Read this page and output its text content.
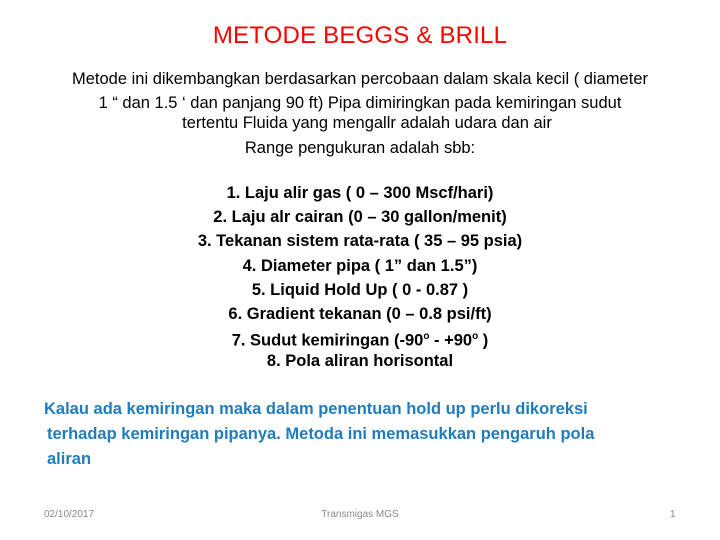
METODE BEGGS & BRILL
Metode ini dikembangkan berdasarkan percobaan dalam skala kecil ( diameter
1 “ dan 1.5 ‘ dan panjang 90 ft) Pipa dimiringkan pada kemiringan sudut
tertentu Fluida yang mengallr adalah udara dan air
Range pengukuran adalah sbb:
1. Laju alir gas ( 0 – 300 Mscf/hari)
2. Laju alr cairan (0 – 30 gallon/menit)
3. Tekanan sistem rata-rata ( 35 – 95 psia)
4. Diameter pipa ( 1” dan 1.5”)
5. Liquid Hold Up ( 0 - 0.87 )
6. Gradient tekanan (0 – 0.8 psi/ft)
7. Sudut kemiringan ($-90^o - +90^o$ )
8. Pola aliran horisontal
Kalau ada kemiringan maka dalam penentuan hold up perlu dikoreksi
terhadap kemiringan pipanya. Metoda ini memasukkan pengaruh pola
aliran
02/10/2017	Transmigas MGS	1
